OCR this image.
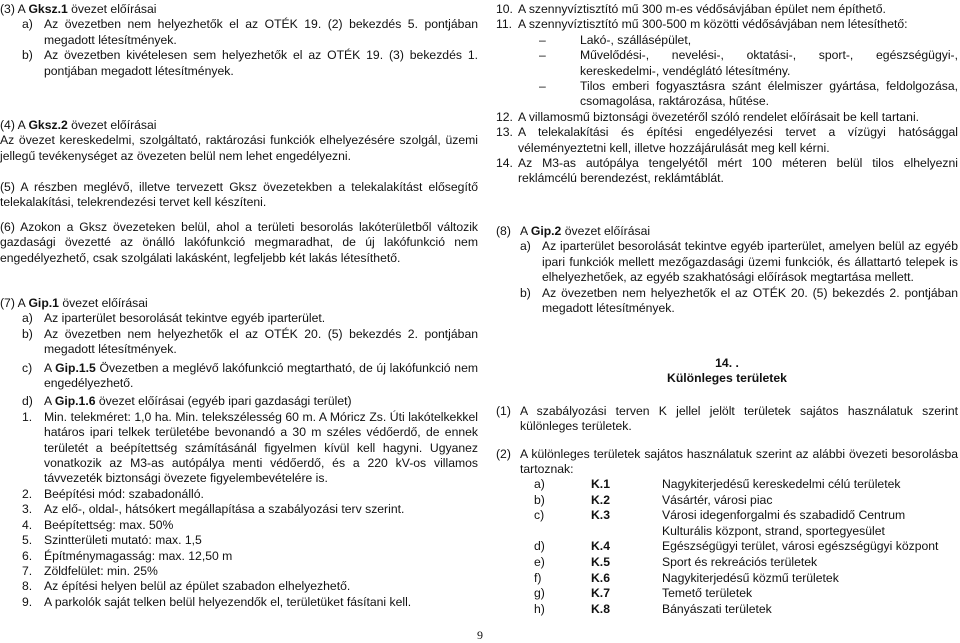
(3) A Gksz.1 övezet előírásai

a) Az övezetben nem helyezhetők el az OTÉK 19. (2) bekezdés 5. pontjában megadott létesítmények.

b) Az övezetben kivételesen sem helyezhetők el az OTÉK 19. (3) bekezdés 1. pontjában megadott létesítmények.

(4) A Gksz.2 övezet előírásai

Az övezet kereskedelmi, szolgáltató, raktározási funkciók elhelyezésére szolgál, üzemi jellegű tevékenységet az övezeten belül nem lehet engedélyezni.

(5) A részben meglévő, illetve tervezett Gksz övezetekben a telekalakítást elősegítő telekalakítási, telekrendezési tervet kell készíteni.

(6) Azokon a Gksz övezeteken belül, ahol a területi besorolás lakóterületből változik gazdasági övezetté az önálló lakófunkció megmaradhat, de új lakófunkció nem engedélyezhető, csak szolgálati lakásként, legfeljebb két lakás létesíthető.

(7) A Gip.1 övezet előírásai

a) Az iparterület besorolását tekintve egyéb iparterület.

b) Az övezetben nem helyezhetők el az OTÉK 20. (5) bekezdés 2. pontjában megadott létesítmények.

c) A Gip.1.5 Övezetben a meglévő lakófunkció megtartható, de új lakófunkció nem engedélyezhető.

d) A Gip.1.6 övezet előírásai (egyéb ipari gazdasági terület)

1. Min. telekméret: 1,0 ha. Min. telekszélesség 60 m. A Móricz Zs. Úti lakótelkekkel határos ipari telkek területébe bevonandó a 30 m széles védőerdő, de ennek területét a beépítettség számításánál figyelmen kívül kell hagyni. Ugyanez vonatkozik az M3-as autópálya menti védőerdő, és a 220 kV-os villamos távvezeték biztonsági övezete figyelembevételére is.

2. Beépítési mód: szabadonálló.

3. Az elő-, oldal-, hátsókert megállapítása a szabályozási terv szerint.

4. Beépítettség: max. 50%

5. Szintterületi mutató: max. 1,5

6. Építménymagasság: max. 12,50 m

7. Zöldfelület: min. 25%

8. Az építési helyen belül az épület szabadon elhelyezhető.

9. A parkolók saját telken belül helyezendők el, területüket fásítani kell.

10. A szennyvíztisztító mű 300 m-es védősávjában épület nem építhető.

11. A szennyvíztisztító mű 300-500 m közötti védősávjában nem létesíthető:

–	Lakó-, szállásépület,

–	Művelődési-, nevelési-, oktatási-, sport-, egészségügyi-, kereskedelmi-, vendéglátó létesítmény.

–	Tilos emberi fogyasztásra szánt élelmiszer gyártása, feldolgozása, csomagolása, raktározása, hűtése.

12. A villamosmű biztonsági övezetéről szóló rendelet előírásait be kell tartani.

13. A telekalakítási és építési engedélyezési tervet a vízügyi hatósággal véleményeztetni kell, illetve hozzájárulását meg kell kérni.

14. Az M3-as autópálya tengelyétől mért 100 méteren belül tilos elhelyezni reklámcélú berendezést, reklámtáblát.

(8) A Gip.2 övezet előírásai

a) Az iparterület besorolását tekintve egyéb iparterület, amelyen belül az egyéb ipari funkciók mellett mezőgazdasági üzemi funkciók, és állattartó telepek is elhelyezhetőek, az egyéb szakhatósági előírások megtartása mellett.

b) Az övezetben nem helyezhetők el az OTÉK 20. (5) bekezdés 2. pontjában megadott létesítmények.

14. .

Különleges területek

(1) A szabályozási terven K jellel jelölt területek sajátos használatuk szerint különleges területek.

(2) A különleges területek sajátos használatuk szerint az alábbi övezeti besorolásba tartoznak:

a)	K.1	Nagykiterjedésű kereskedelmi célú területek
b)	K.2	Vásártér, városi piac
c)	K.3	Városi idegenforgalmi és szabadidő Centrum Kulturális központ, strand, sportegyesület
d)	K.4	Egészségügyi terület, városi egészségügyi központ
e)	K.5	Sport és rekreációs területek
f)	K.6	Nagykiterjedésű közmű területek
g)	K.7	Temető területek
h)	K.8	Bányászati területek
9
